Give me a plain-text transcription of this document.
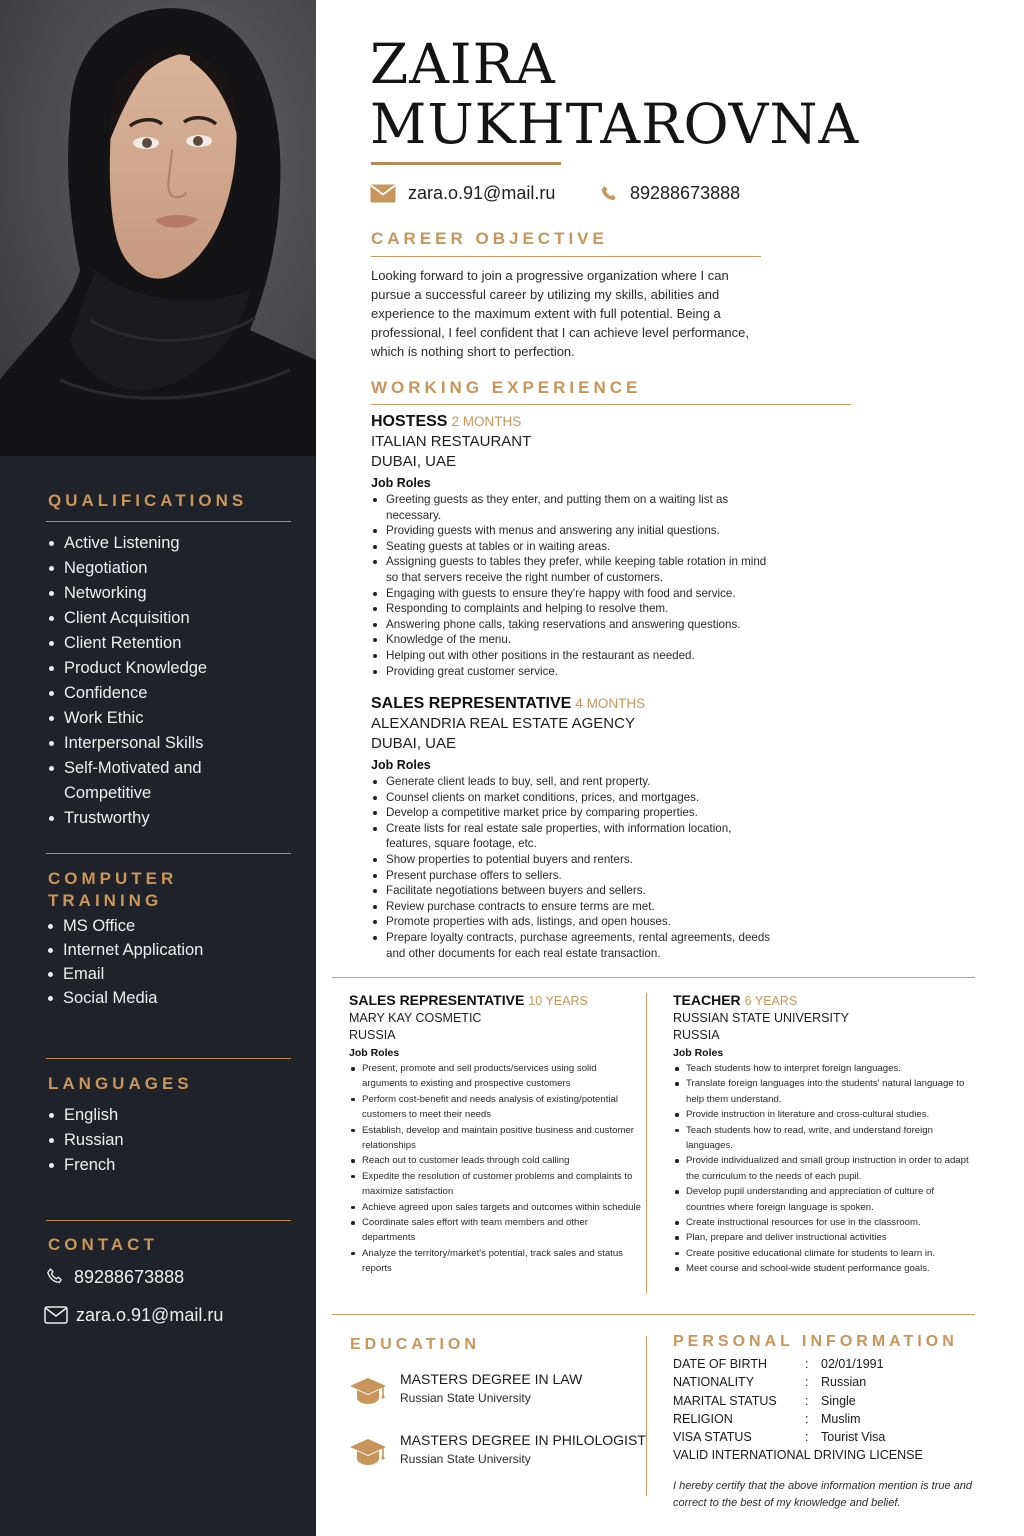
QUALIFICATIONS
Active Listening
Negotiation
Networking
Client Acquisition
Client Retention
Product Knowledge
Confidence
Work Ethic
Interpersonal Skills
Self-Motivated and Competitive
Trustworthy
COMPUTER
TRAINING
MS Office
Internet Application
Email
Social Media
LANGUAGES
English
Russian
French
CONTACT
89288673888
zara.o.91@mail.ru
ZAIRA
MUKHTAROVNA
zara.o.91@mail.ru	89288673888
CAREER OBJECTIVE
Looking forward to join a progressive organization where I can pursue a successful career by utilizing my skills, abilities and experience to the maximum extent with full potential. Being a professional, I feel confident that I can achieve level performance, which is nothing short to perfection.
WORKING EXPERIENCE
HOSTESS 2 MONTHS
ITALIAN RESTAURANT
DUBAI, UAE
Job Roles
Greeting guests as they enter, and putting them on a waiting list as necessary.
Providing guests with menus and answering any initial questions.
Seating guests at tables or in waiting areas.
Assigning guests to tables they prefer, while keeping table rotation in mind so that servers receive the right number of customers.
Engaging with guests to ensure they're happy with food and service.
Responding to complaints and helping to resolve them.
Answering phone calls, taking reservations and answering questions.
Knowledge of the menu.
Helping out with other positions in the restaurant as needed.
Providing great customer service.
SALES REPRESENTATIVE 4 MONTHS
ALEXANDRIA REAL ESTATE AGENCY
DUBAI, UAE
Job Roles
Generate client leads to buy, sell, and rent property.
Counsel clients on market conditions, prices, and mortgages.
Develop a competitive market price by comparing properties.
Create lists for real estate sale properties, with information location, features, square footage, etc.
Show properties to potential buyers and renters.
Present purchase offers to sellers.
Facilitate negotiations between buyers and sellers.
Review purchase contracts to ensure terms are met.
Promote properties with ads, listings, and open houses.
Prepare loyalty contracts, purchase agreements, rental agreements, deeds and other documents for each real estate transaction.
SALES REPRESENTATIVE 10 YEARS
MARY KAY COSMETIC
RUSSIA
Job Roles
Present, promote and sell products/services using solid arguments to existing and prospective customers
Perform cost-benefit and needs analysis of existing/potential customers to meet their needs
Establish, develop and maintain positive business and customer relationships
Reach out to customer leads through cold calling
Expedite the resolution of customer problems and complaints to maximize satisfaction
Achieve agreed upon sales targets and outcomes within schedule
Coordinate sales effort with team members and other departments
Analyze the territory/market's potential, track sales and status reports
TEACHER 6 YEARS
RUSSIAN STATE UNIVERSITY
RUSSIA
Job Roles
Teach students how to interpret foreign languages.
Translate foreign languages into the students' natural language to help them understand.
Provide instruction in literature and cross-cultural studies.
Teach students how to read, write, and understand foreign languages.
Provide individualized and small group instruction in order to adapt the curriculum to the needs of each pupil.
Develop pupil understanding and appreciation of culture of countries where foreign language is spoken.
Create instructional resources for use in the classroom.
Plan, prepare and deliver instructional activities
Create positive educational climate for students to learn in.
Meet course and school-wide student performance goals.
EDUCATION
MASTERS DEGREE IN LAW
Russian State University
MASTERS DEGREE IN PHILOLOGIST
Russian State University
PERSONAL INFORMATION
DATE OF BIRTH	:	02/01/1991
NATIONALITY	:	Russian
MARITAL STATUS	:	Single
RELIGION	:	Muslim
VISA STATUS	:	Tourist Visa
VALID INTERNATIONAL DRIVING LICENSE
I hereby certify that the above information mention is true and correct to the best of my knowledge and belief.
